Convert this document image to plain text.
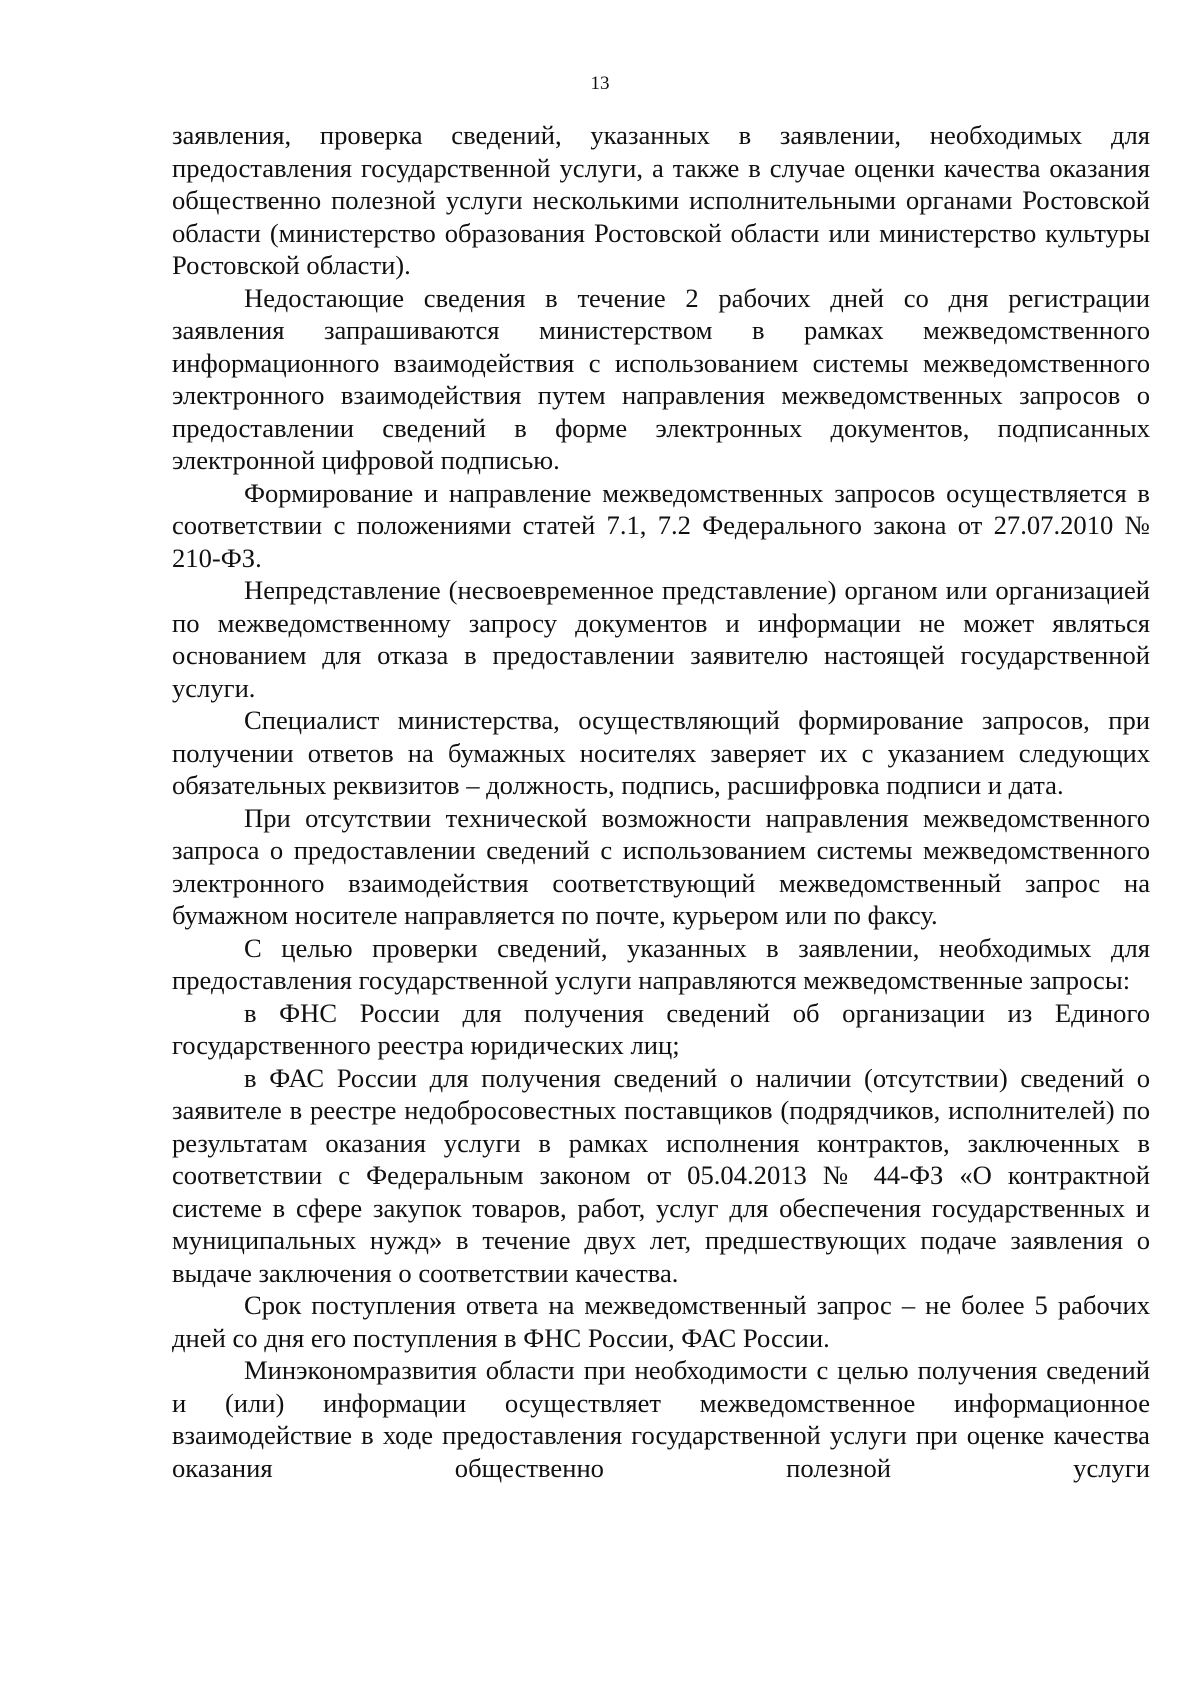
13

заявления, проверка сведений, указанных в заявлении, необходимых для предоставления государственной услуги, а также в случае оценки качества оказания общественно полезной услуги несколькими исполнительными органами Ростовской области (министерство образования Ростовской области или министерство культуры Ростовской области).

Недостающие сведения в течение 2 рабочих дней со дня регистрации заявления запрашиваются министерством в рамках межведомственного информационного взаимодействия с использованием системы межведомственного электронного взаимодействия путем направления межведомственных запросов о предоставлении сведений в форме электронных документов, подписанных электронной цифровой подписью.

Формирование и направление межведомственных запросов осуществляется в соответствии с положениями статей 7.1, 7.2 Федерального закона от 27.07.2010 № 210-ФЗ.

Непредставление (несвоевременное представление) органом или организацией по межведомственному запросу документов и информации не может являться основанием для отказа в предоставлении заявителю настоящей государственной услуги.

Специалист министерства, осуществляющий формирование запросов, при получении ответов на бумажных носителях заверяет их с указанием следующих обязательных реквизитов – должность, подпись, расшифровка подписи и дата.

При отсутствии технической возможности направления межведомственного запроса о предоставлении сведений с использованием системы межведомственного электронного взаимодействия соответствующий межведомственный запрос на бумажном носителе направляется по почте, курьером или по факсу.

С целью проверки сведений, указанных в заявлении, необходимых для предоставления государственной услуги направляются межведомственные запросы:

в ФНС России для получения сведений об организации из Единого государственного реестра юридических лиц;

в ФАС России для получения сведений о наличии (отсутствии) сведений о заявителе в реестре недобросовестных поставщиков (подрядчиков, исполнителей) по результатам оказания услуги в рамках исполнения контрактов, заключенных в соответствии с Федеральным законом от 05.04.2013 № 44-ФЗ «О контрактной системе в сфере закупок товаров, работ, услуг для обеспечения государственных и муниципальных нужд» в течение двух лет, предшествующих подаче заявления о выдаче заключения о соответствии качества.

Срок поступления ответа на межведомственный запрос – не более 5 рабочих дней со дня его поступления в ФНС России, ФАС России.

Минэкономразвития области при необходимости с целью получения сведений и (или) информации осуществляет межведомственное информационное взаимодействие в ходе предоставления государственной услуги при оценке качества оказания общественно полезной услуги
